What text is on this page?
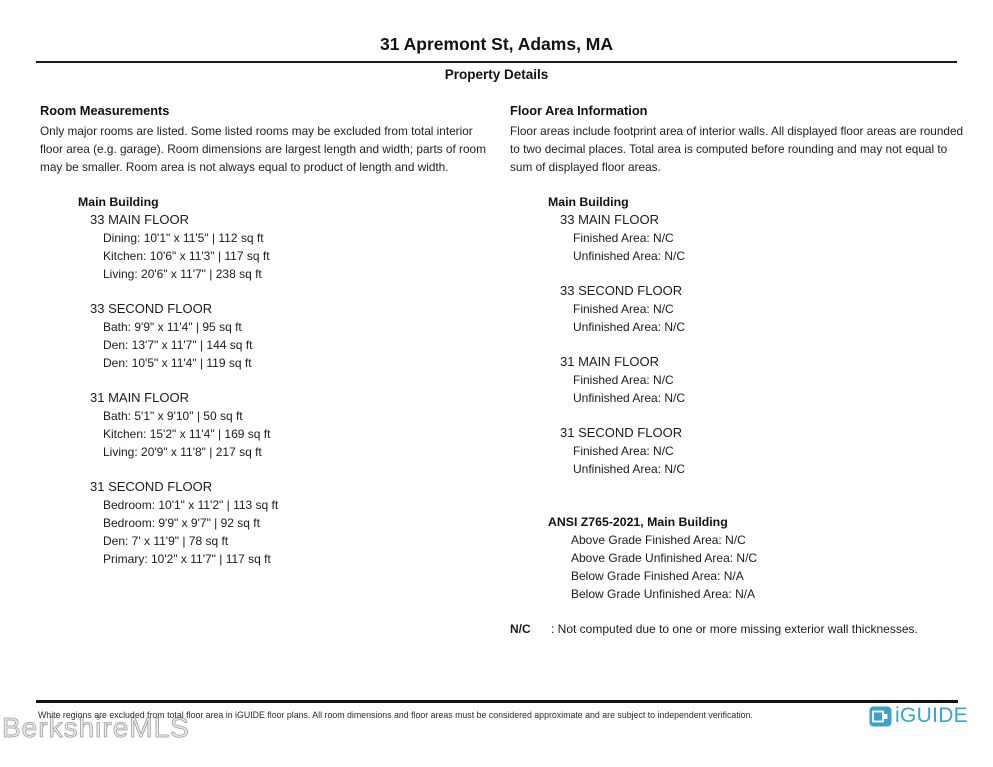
31 Apremont St, Adams, MA
Property Details
Room Measurements

Only major rooms are listed. Some listed rooms may be excluded from total interior floor area (e.g. garage). Room dimensions are largest length and width; parts of room may be smaller. Room area is not always equal to product of length and width.

Main Building
33 MAIN FLOOR
Dining: 10'1" x 11'5" | 112 sq ft
Kitchen: 10'6" x 11'3" | 117 sq ft
Living: 20'6" x 11'7" | 238 sq ft
33 SECOND FLOOR
Bath: 9'9" x 11'4" | 95 sq ft
Den: 13'7" x 11'7" | 144 sq ft
Den: 10'5" x 11'4" | 119 sq ft
31 MAIN FLOOR
Bath: 5'1" x 9'10" | 50 sq ft
Kitchen: 15'2" x 11'4" | 169 sq ft
Living: 20'9" x 11'8" | 217 sq ft
31 SECOND FLOOR
Bedroom: 10'1" x 11'2" | 113 sq ft
Bedroom: 9'9" x 9'7" | 92 sq ft
Den: 7' x 11'9" | 78 sq ft
Primary: 10'2" x 11'7" | 117 sq ft
Floor Area Information

Floor areas include footprint area of interior walls. All displayed floor areas are rounded to two decimal places. Total area is computed before rounding and may not equal to sum of displayed floor areas.

Main Building
33 MAIN FLOOR
Finished Area: N/C
Unfinished Area: N/C
33 SECOND FLOOR
Finished Area: N/C
Unfinished Area: N/C
31 MAIN FLOOR
Finished Area: N/C
Unfinished Area: N/C
31 SECOND FLOOR
Finished Area: N/C
Unfinished Area: N/C
ANSI Z765-2021, Main Building
Above Grade Finished Area: N/C
Above Grade Unfinished Area: N/C
Below Grade Finished Area: N/A
Below Grade Unfinished Area: N/A
N/C	: Not computed due to one or more missing exterior wall thicknesses.
BerkshireMLS
White regions are excluded from total floor area in iGUIDE floor plans. All room dimensions and floor areas must be considered approximate and are subject to independent verification.	iGUIDE
